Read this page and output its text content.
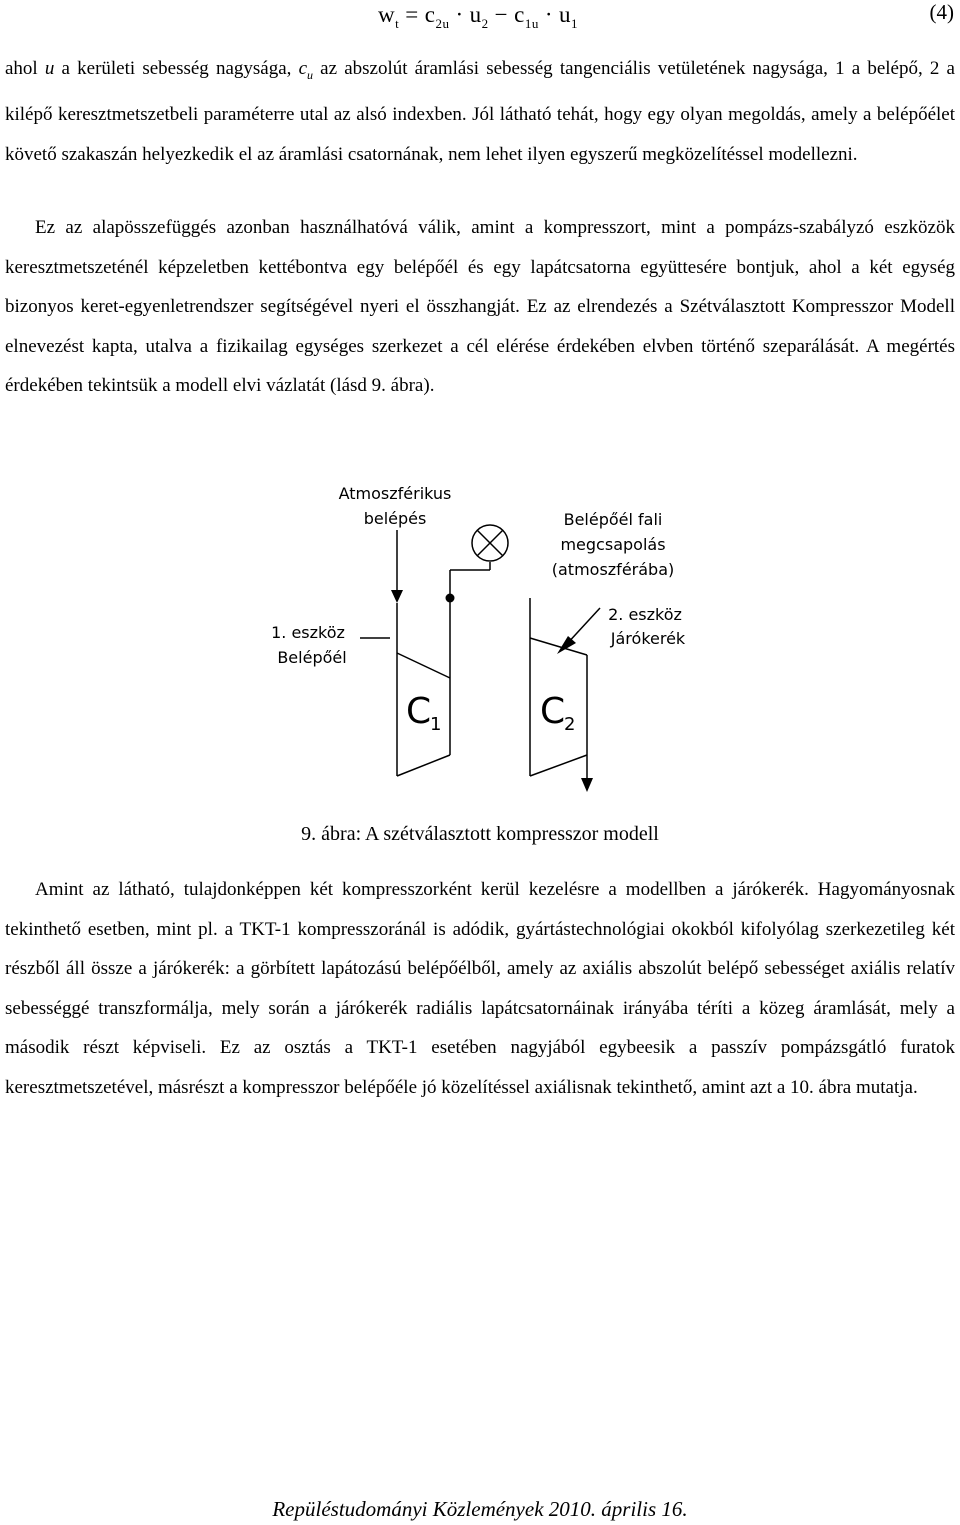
$w_t = c_{2u} \cdot u_2 - c_{1u} \cdot u_1$	(4)

ahol u a kerületi sebesség nagysága, $c_u$ az abszolút áramlási sebesség tangenciális vetületének nagysága, 1 a belépő, 2 a kilépő keresztmetszetbeli paraméterre utal az alsó indexben. Jól látható tehát, hogy egy olyan megoldás, amely a belépőélet követő szakaszán helyezkedik el az áramlási csatornának, nem lehet ilyen egyszerű megközelítéssel modellezni.

Ez az alapösszefüggés azonban használhatóvá válik, amint a kompresszort, mint a pompázs-szabályzó eszközök keresztmetszeténél képzeletben kettébontva egy belépőél és egy lapátcsatorna együttesére bontjuk, ahol a két egység bizonyos keret-egyenletrendszer segítségével nyeri el összhangját. Ez az elrendezés a Szétválasztott Kompresszor Modell elnevezést kapta, utalva a fizikailag egységes szerkezet a cél elérése érdekében elvben történő szeparálását. A megértés érdekében tekintsük a modell elvi vázlatát (lásd 9. ábra).

Atmoszférikus
belépés	Belépőél fali
megcsapolás
(atmoszférába)
1. eszköz
Belépőél
2. eszköz
Járókerék
C
1	C
2
9. ábra: A szétválasztott kompresszor modell

Amint az látható, tulajdonképpen két kompresszorként kerül kezelésre a modellben a járókerék. Hagyományosnak tekinthető esetben, mint pl. a TKT-1 kompresszoránál is adódik, gyártástechnológiai okokból kifolyólag szerkezetileg két részből áll össze a járókerék: a görbített lapátozású belépőélből, amely az axiális abszolút belépő sebességet axiális relatív sebességgé transzformálja, mely során a járókerék radiális lapátcsatornáinak irányába téríti a közeg áramlását, mely a második részt képviseli. Ez az osztás a TKT-1 esetében nagyjából egybeesik a passzív pompázsgátló furatok keresztmetszetével, másrészt a kompresszor belépőéle jó közelítéssel axiálisnak tekinthető, amint azt a 10. ábra mutatja.

Repüléstudományi Közlemények 2010. április 16.
